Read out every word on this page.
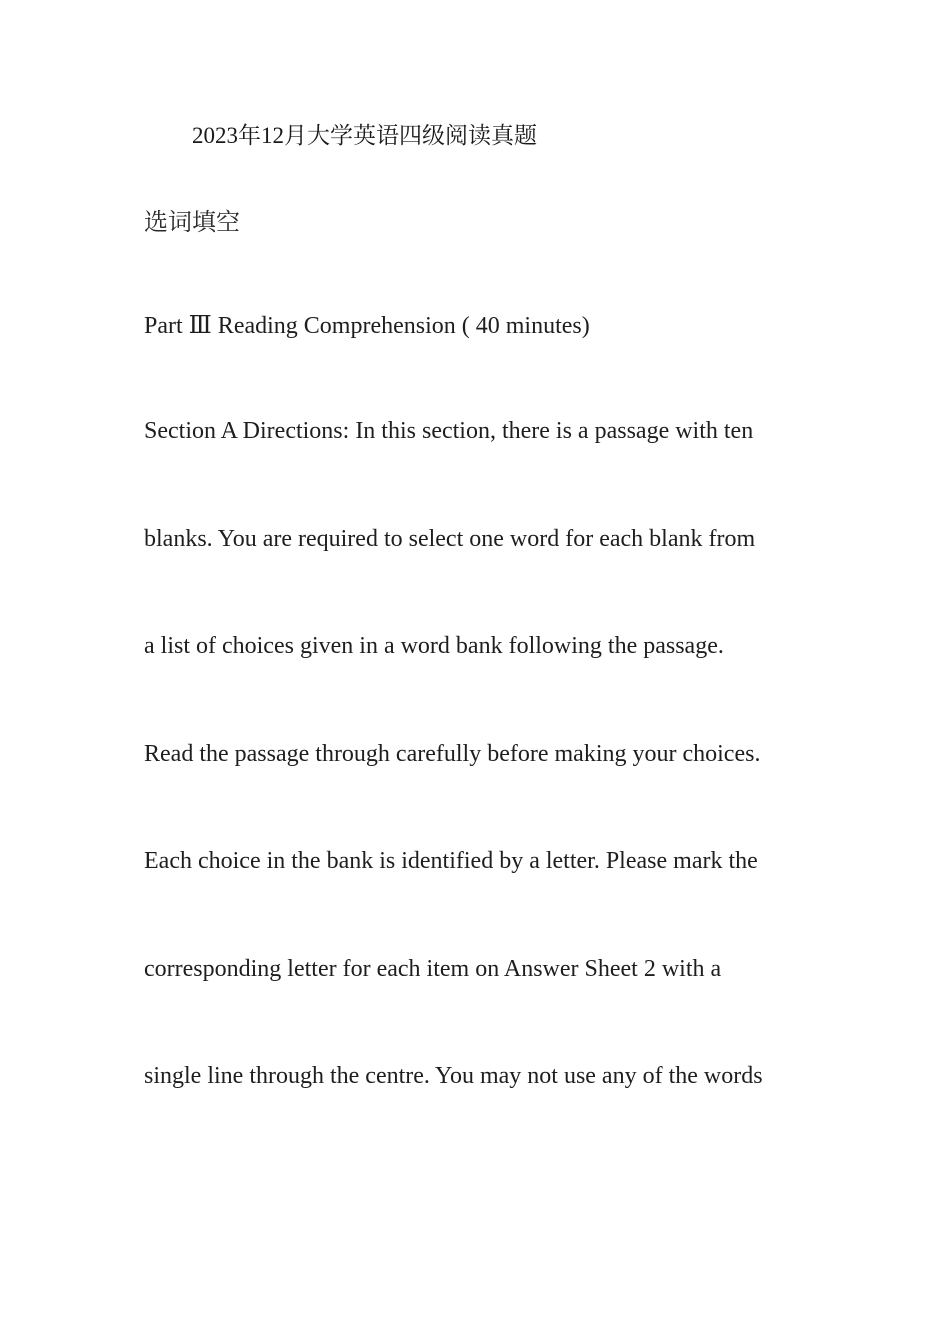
2023年12月大学英语四级阅读真题
选词填空
Part Ⅲ Reading Comprehension ( 40 minutes)
Section A Directions: In this section, there is a passage with ten
blanks. You are required to select one word for each blank from
a list of choices given in a word bank following the passage.
Read the passage through carefully before making your choices.
Each choice in the bank is identified by a letter. Please mark the
corresponding letter for each item on Answer Sheet 2 with a
single line through the centre. You may not use any of the words
